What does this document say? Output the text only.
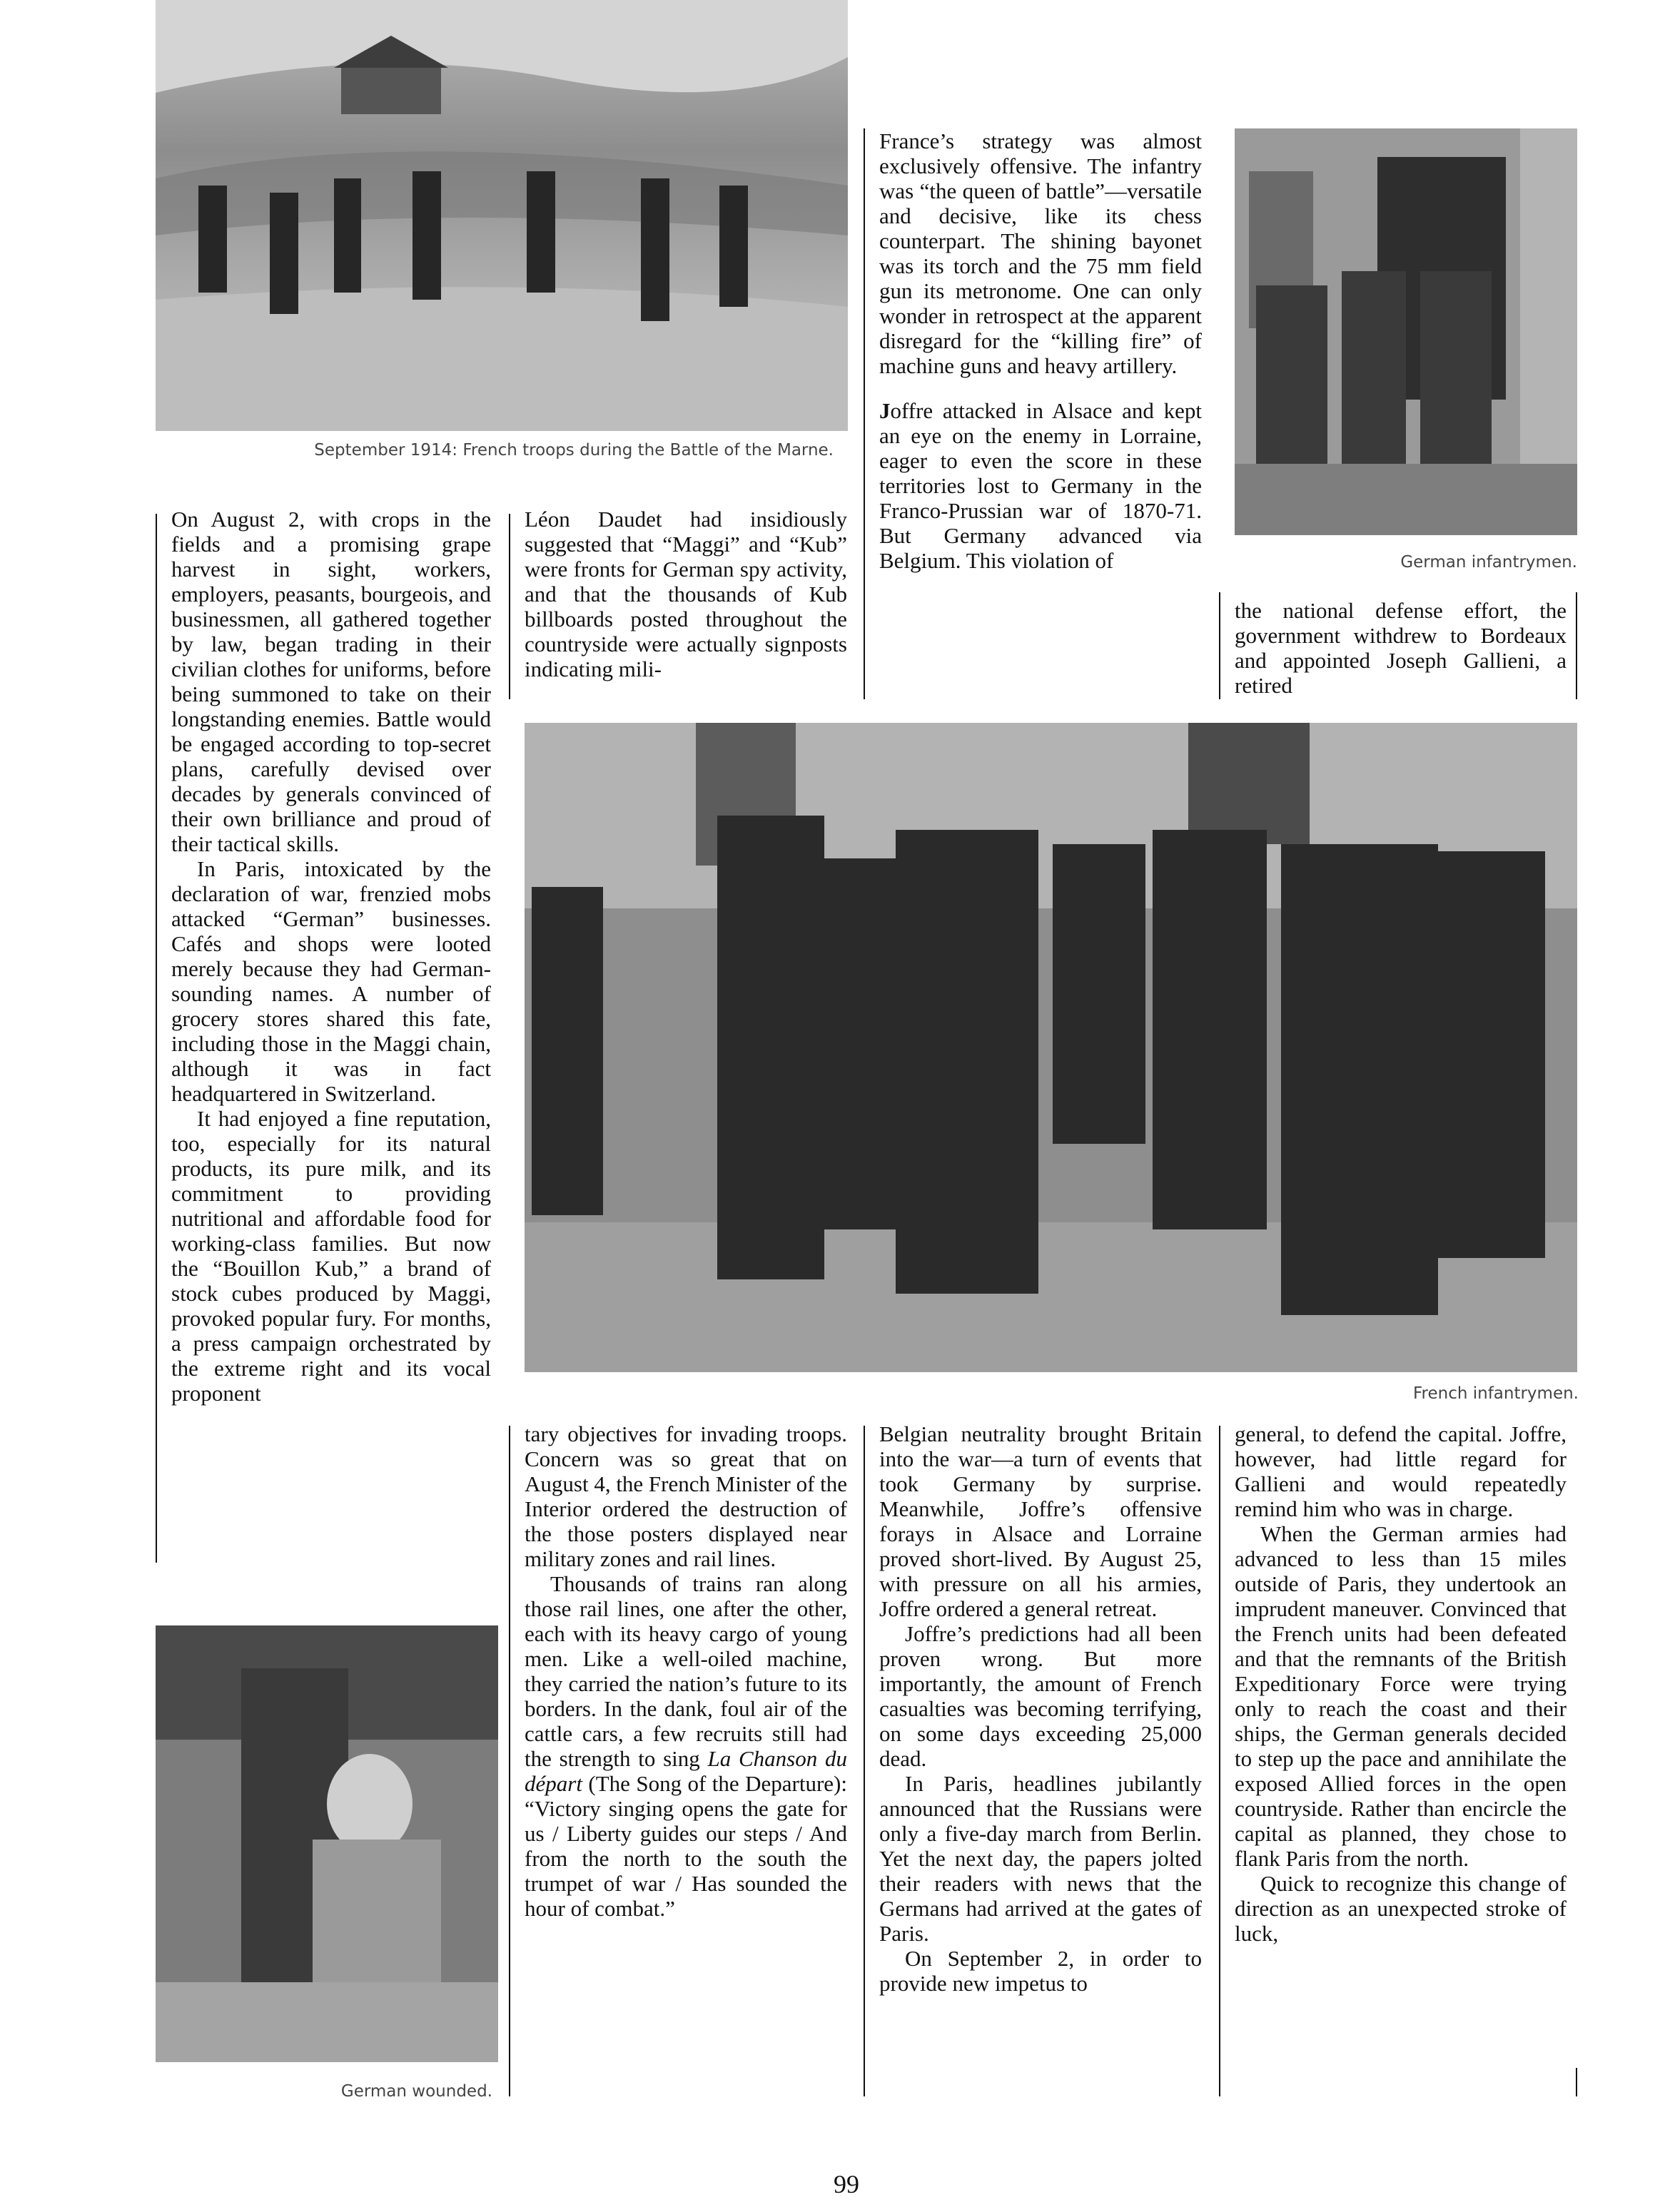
September 1914: French troops during the Battle of the Marne.
German infantrymen.
French infantrymen.
German wounded.

On August 2, with crops in the fields and a promising grape harvest in sight, workers, employers, peasants, bourgeois, and businessmen, all gathered together by law, began trading in their civilian clothes for uniforms, before being summoned to take on their longstanding enemies. Battle would be engaged according to top-secret plans, carefully devised over decades by generals convinced of their own brilliance and proud of their tactical skills.

In Paris, intoxicated by the declaration of war, frenzied mobs attacked “German” businesses. Cafés and shops were looted merely because they had German-sounding names. A number of grocery stores shared this fate, including those in the Maggi chain, although it was in fact headquartered in Switzerland.

It had enjoyed a fine reputation, too, especially for its natural products, its pure milk, and its commitment to providing nutritional and affordable food for working-class families. But now the “Bouillon Kub,” a brand of stock cubes produced by Maggi, provoked popular fury. For months, a press campaign orchestrated by the extreme right and its vocal proponent

Léon Daudet had insidiously suggested that “Maggi” and “Kub” were fronts for German spy activity, and that the thousands of Kub billboards posted throughout the countryside were actually signposts indicating mili-

tary objectives for invading troops. Concern was so great that on August 4, the French Minister of the Interior ordered the destruction of the those posters displayed near military zones and rail lines.

Thousands of trains ran along those rail lines, one after the other, each with its heavy cargo of young men. Like a well-oiled machine, they carried the nation’s future to its borders. In the dank, foul air of the cattle cars, a few recruits still had the strength to sing La Chanson du départ (The Song of the Departure): “Victory singing opens the gate for us / Liberty guides our steps / And from the north to the south the trumpet of war / Has sounded the hour of combat.”

France’s strategy was almost exclusively offensive. The infantry was “the queen of battle”—versatile and decisive, like its chess counterpart. The shining bayonet was its torch and the 75 mm field gun its metronome. One can only wonder in retrospect at the apparent disregard for the “killing fire” of machine guns and heavy artillery.

Joffre attacked in Alsace and kept an eye on the enemy in Lorraine, eager to even the score in these territories lost to Germany in the Franco-Prussian war of 1870-71. But Germany advanced via Belgium. This violation of

Belgian neutrality brought Britain into the war—a turn of events that took Germany by surprise. Meanwhile, Joffre’s offensive forays in Alsace and Lorraine proved short-lived. By August 25, with pressure on all his armies, Joffre ordered a general retreat.

Joffre’s predictions had all been proven wrong. But more importantly, the amount of French casualties was becoming terrifying, on some days exceeding 25,000 dead.

In Paris, headlines jubilantly announced that the Russians were only a five-day march from Berlin. Yet the next day, the papers jolted their readers with news that the Germans had arrived at the gates of Paris.

On September 2, in order to provide new impetus to

the national defense effort, the government withdrew to Bordeaux and appointed Joseph Gallieni, a retired

general, to defend the capital. Joffre, however, had little regard for Gallieni and would repeatedly remind him who was in charge.

When the German armies had advanced to less than 15 miles outside of Paris, they undertook an imprudent maneuver. Convinced that the French units had been defeated and that the remnants of the British Expeditionary Force were trying only to reach the coast and their ships, the German generals decided to step up the pace and annihilate the exposed Allied forces in the open countryside. Rather than encircle the capital as planned, they chose to flank Paris from the north.

Quick to recognize this change of direction as an unexpected stroke of luck,

99
